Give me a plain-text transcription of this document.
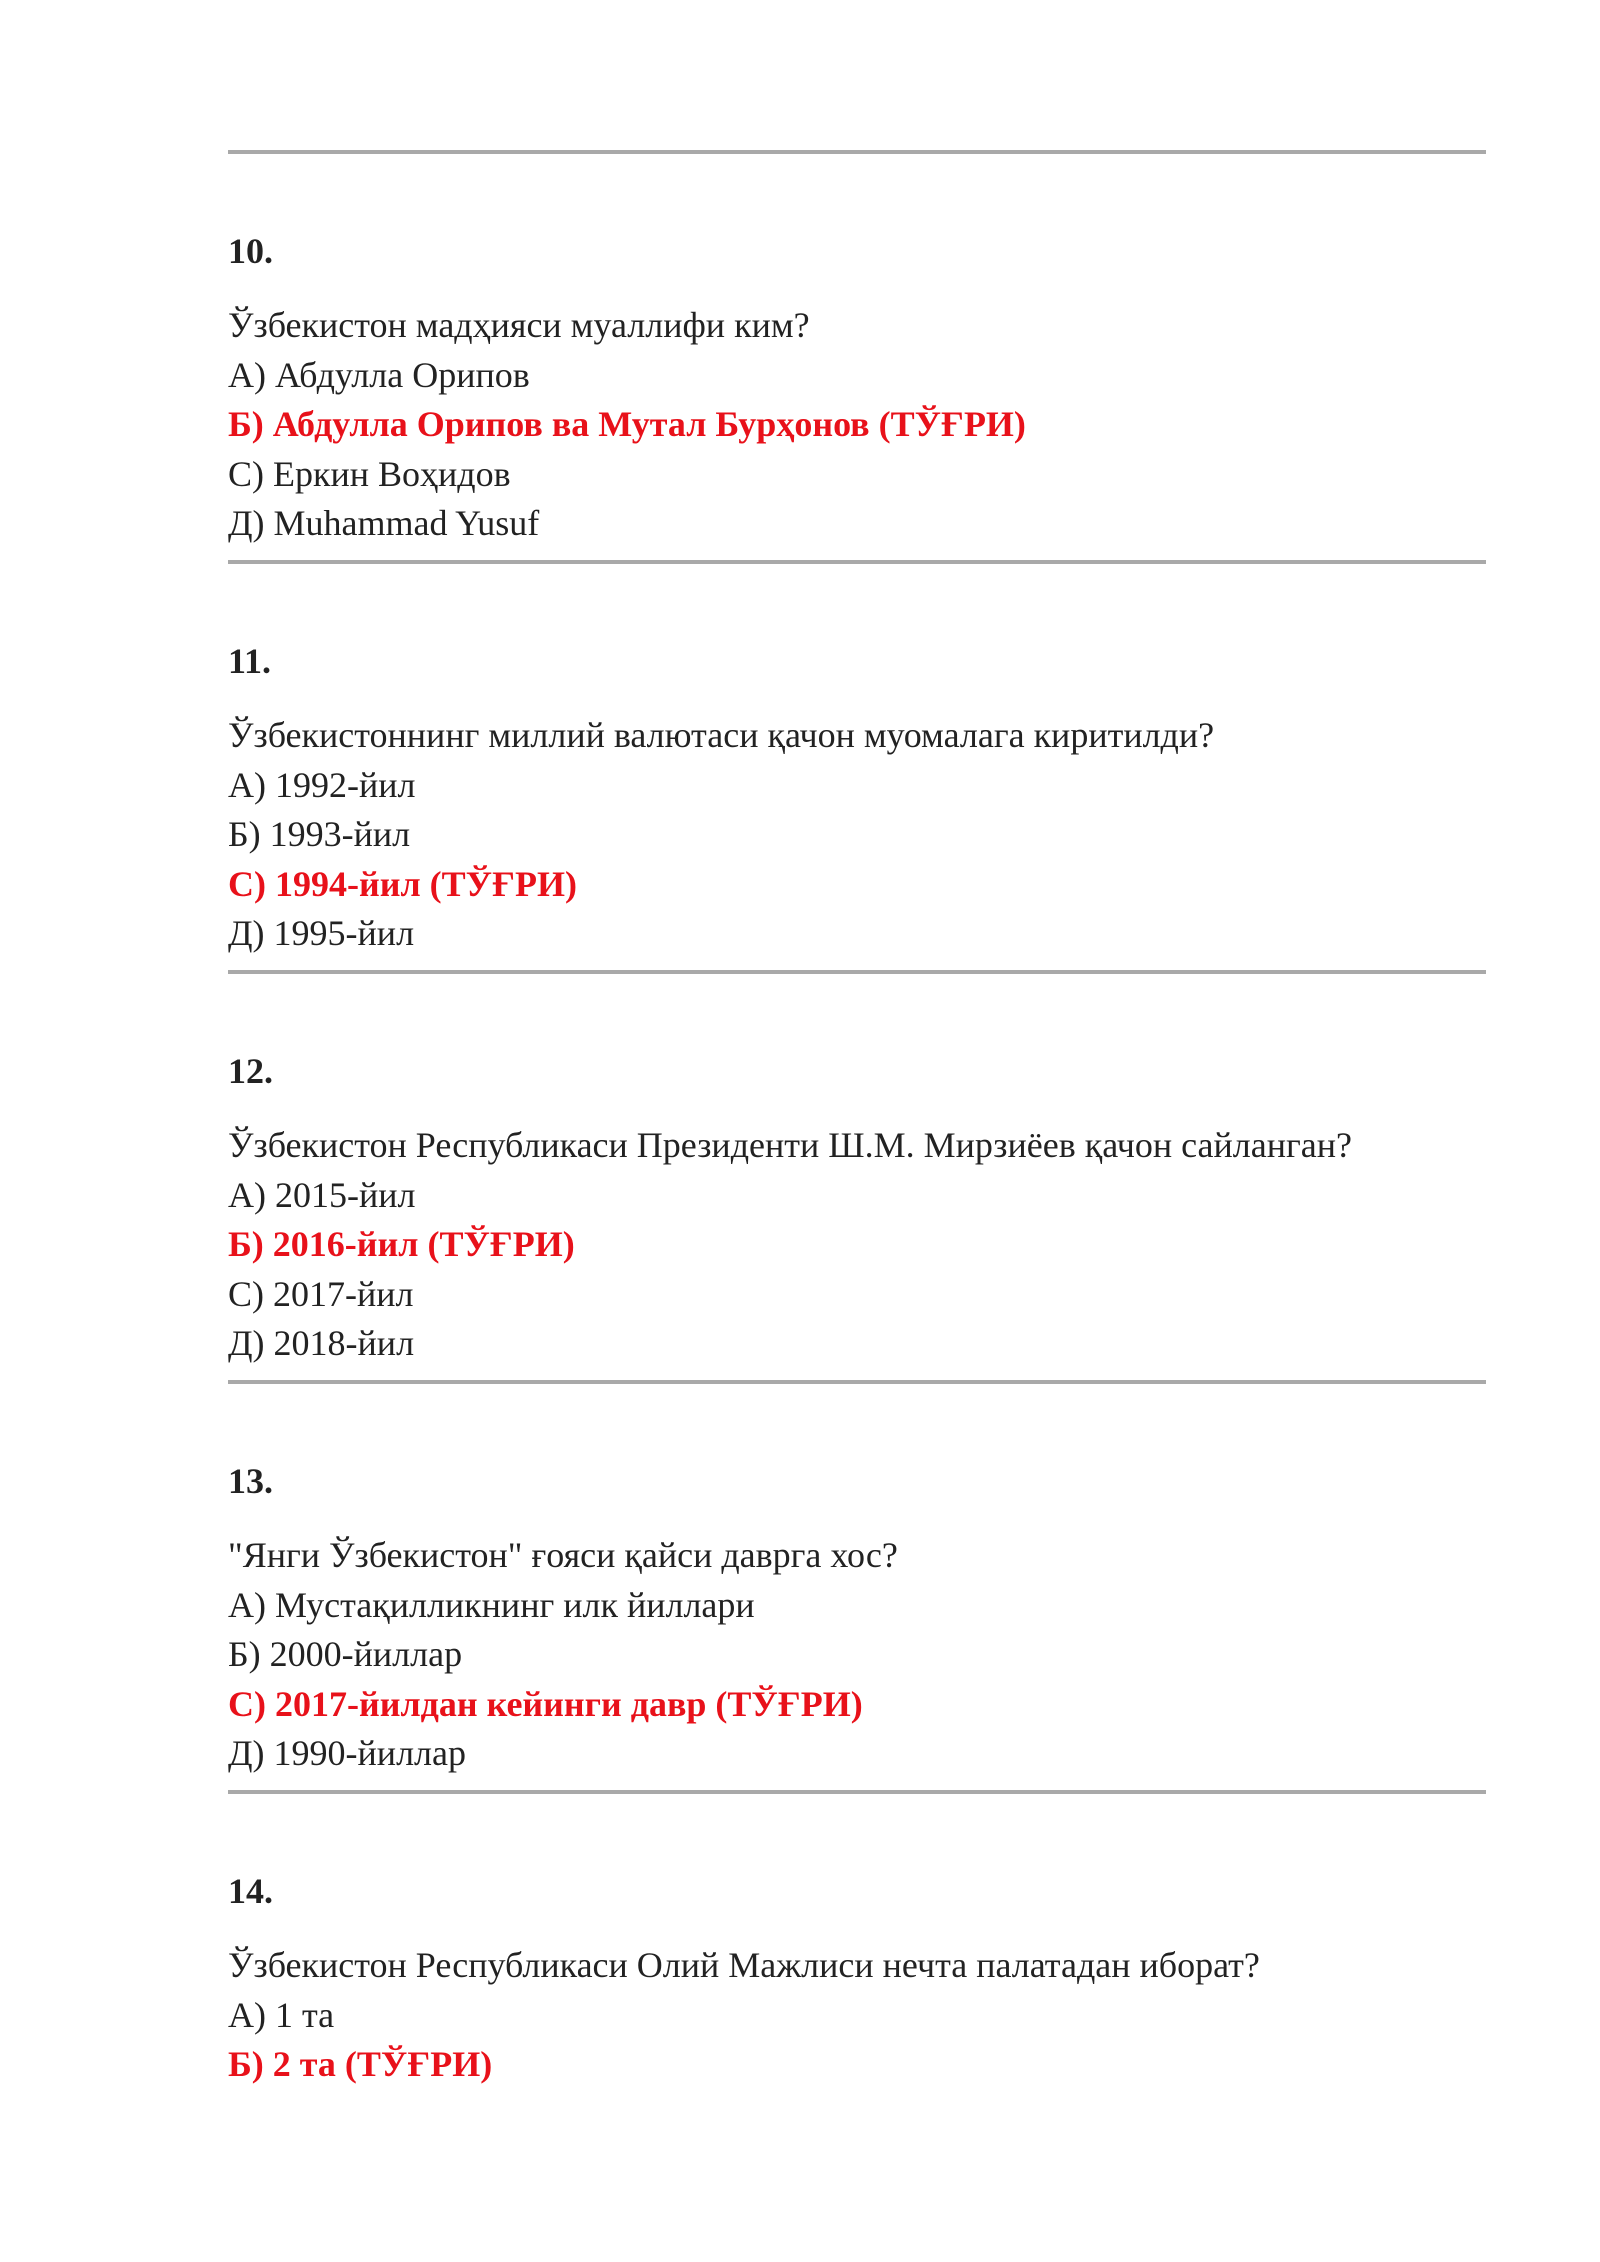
10.

Ўзбекистон мадҳияси муаллифи ким?

А) Абдулла Орипов

Б) Абдулла Орипов ва Мутал Бурҳонов (ТЎҒРИ)

С) Еркин Воҳидов

Д) Muhammad Yusuf

11.

Ўзбекистоннинг миллий валютаси қачон муомалага киритилди?

А) 1992-йил

Б) 1993-йил

С) 1994-йил (ТЎҒРИ)

Д) 1995-йил

12.

Ўзбекистон Республикаси Президенти Ш.М. Мирзиёев қачон сайланган?

А) 2015-йил

Б) 2016-йил (ТЎҒРИ)

С) 2017-йил

Д) 2018-йил

13.

"Янги Ўзбекистон" ғояси қайси даврга хос?

А) Мустақилликнинг илк йиллари

Б) 2000-йиллар

С) 2017-йилдан кейинги давр (ТЎҒРИ)

Д) 1990-йиллар

14.

Ўзбекистон Республикаси Олий Мажлиси нечта палатадан иборат?

А) 1 та

Б) 2 та (ТЎҒРИ)
